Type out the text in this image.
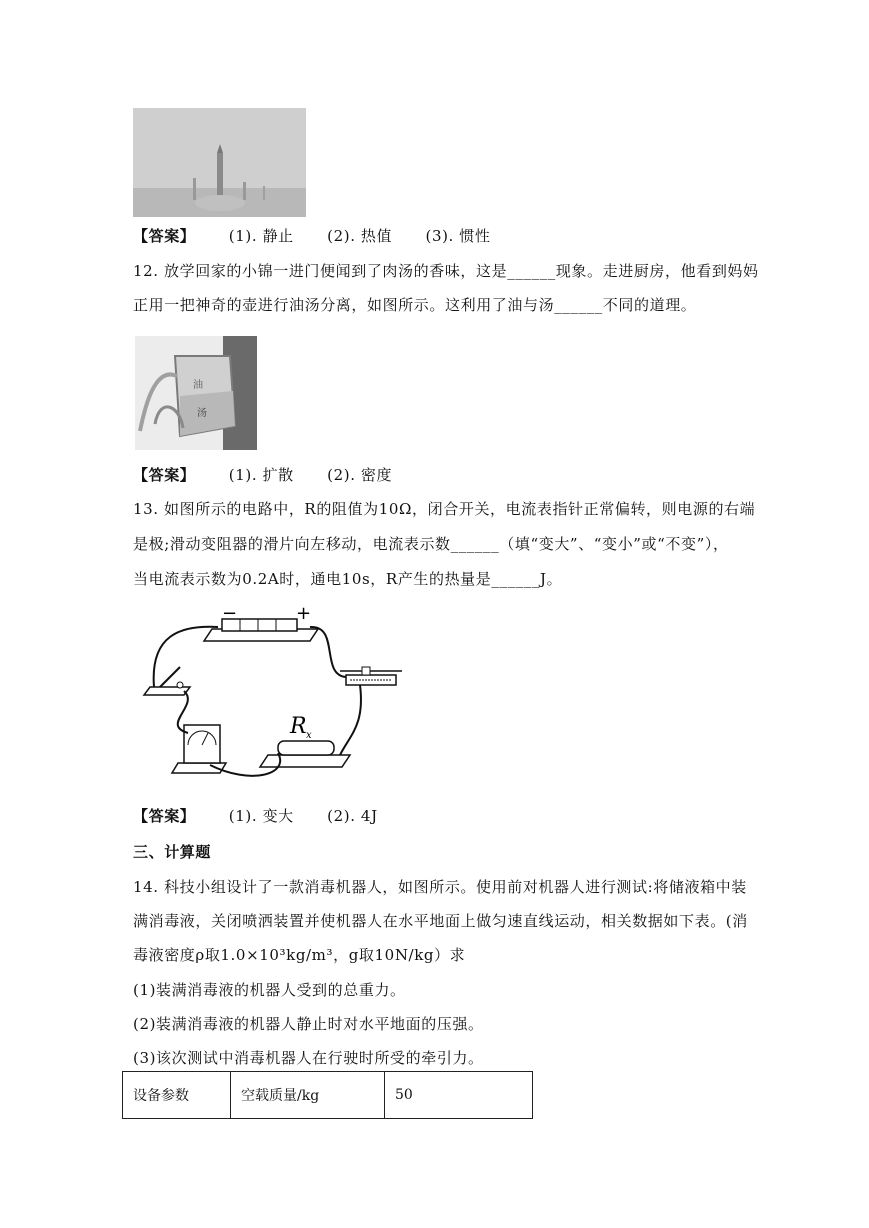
【答案】 (1). 静止 (2). 热值 (3). 惯性
12. 放学回家的小锦一进门便闻到了肉汤的香味，这是______现象。走进厨房，他看到妈妈
正用一把神奇的壶进行油汤分离，如图所示。这利用了油与汤______不同的道理。
油
汤
【答案】 (1). 扩散 (2). 密度
13. 如图所示的电路中，R的阻值为10Ω，闭合开关，电流表指针正常偏转，则电源的右端
是极;滑动变阻器的滑片向左移动，电流表示数______（填“变大”、“变小”或“不变”），
当电流表示数为0.2A时，通电10s，R产生的热量是______J。
−	+
R x
【答案】 (1). 变大 (2). 4J
三、计算题
14. 科技小组设计了一款消毒机器人，如图所示。使用前对机器人进行测试:将储液箱中装
满消毒液，关闭喷洒装置并使机器人在水平地面上做匀速直线运动，相关数据如下表。(消
毒液密度ρ取1.0×10³kg/m³，g取10N/kg）求
(1)装满消毒液的机器人受到的总重力。
(2)装满消毒液的机器人静止时对水平地面的压强。
(3)该次测试中消毒机器人在行驶时所受的牵引力。
设备参数	空载质量/kg	50
